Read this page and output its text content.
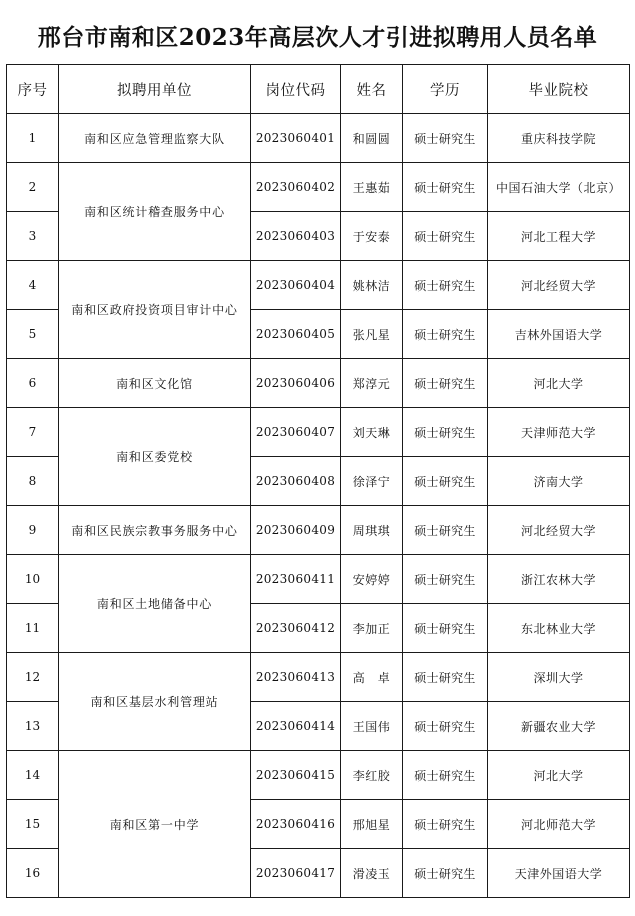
邢台市南和区2023年高层次人才引进拟聘用人员名单
序号	拟聘用单位	岗位代码	姓名	学历	毕业院校
1	南和区应急管理监察大队	2023060401	和圆圆	硕士研究生	重庆科技学院
2	南和区统计稽查服务中心	2023060402	王惠茹	硕士研究生	中国石油大学（北京）
3		2023060403	于安泰	硕士研究生	河北工程大学
4	南和区政府投资项目审计中心	2023060404	姚林洁	硕士研究生	河北经贸大学
5		2023060405	张凡星	硕士研究生	吉林外国语大学
6	南和区文化馆	2023060406	郑淳元	硕士研究生	河北大学
7	南和区委党校	2023060407	刘天琳	硕士研究生	天津师范大学
8		2023060408	徐泽宁	硕士研究生	济南大学
9	南和区民族宗教事务服务中心	2023060409	周琪琪	硕士研究生	河北经贸大学
10	南和区土地储备中心	2023060411	安婷婷	硕士研究生	浙江农林大学
11		2023060412	李加正	硕士研究生	东北林业大学
12	南和区基层水利管理站	2023060413	高　卓	硕士研究生	深圳大学
13		2023060414	王国伟	硕士研究生	新疆农业大学
14	南和区第一中学	2023060415	李红胶	硕士研究生	河北大学
15		2023060416	邢旭星	硕士研究生	河北师范大学
16		2023060417	滑凌玉	硕士研究生	天津外国语大学
